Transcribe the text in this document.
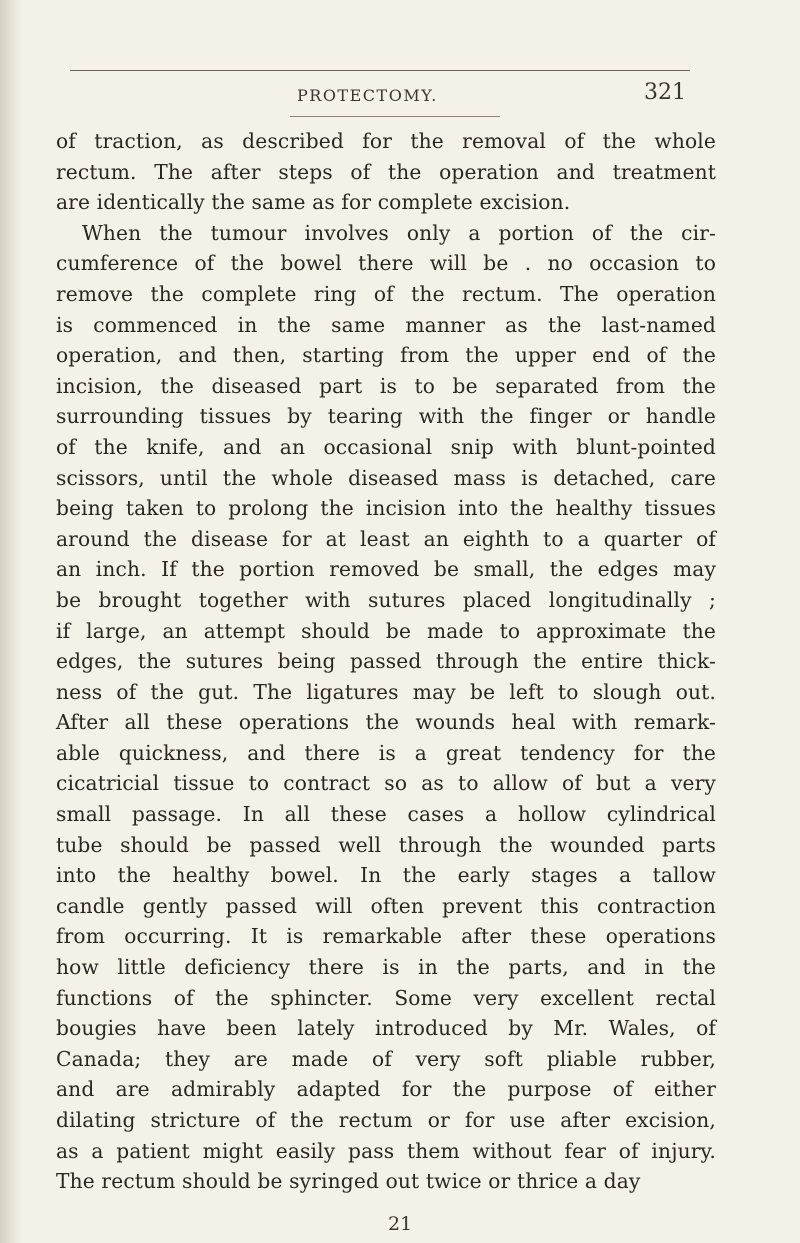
PROTECTOMY.	321
of traction, as described for the removal of the whole
rectum. The after steps of the operation and treatment
are identically the same as for complete excision.
When the tumour involves only a portion of the cir-
cumference of the bowel there will be . no occasion to
remove the complete ring of the rectum. The operation
is commenced in the same manner as the last-named
operation, and then, starting from the upper end of the
incision, the diseased part is to be separated from the
surrounding tissues by tearing with the finger or handle
of the knife, and an occasional snip with blunt-pointed
scissors, until the whole diseased mass is detached, care
being taken to prolong the incision into the healthy tissues
around the disease for at least an eighth to a quarter of
an inch. If the portion removed be small, the edges may
be brought together with sutures placed longitudinally ;
if large, an attempt should be made to approximate the
edges, the sutures being passed through the entire thick-
ness of the gut. The ligatures may be left to slough out.
After all these operations the wounds heal with remark-
able quickness, and there is a great tendency for the
cicatricial tissue to contract so as to allow of but a very
small passage. In all these cases a hollow cylindrical
tube should be passed well through the wounded parts
into the healthy bowel. In the early stages a tallow
candle gently passed will often prevent this contraction
from occurring. It is remarkable after these operations
how little deficiency there is in the parts, and in the
functions of the sphincter. Some very excellent rectal
bougies have been lately introduced by Mr. Wales, of
Canada; they are made of very soft pliable rubber,
and are admirably adapted for the purpose of either
dilating stricture of the rectum or for use after excision,
as a patient might easily pass them without fear of injury.
The rectum should be syringed out twice or thrice a day
21
